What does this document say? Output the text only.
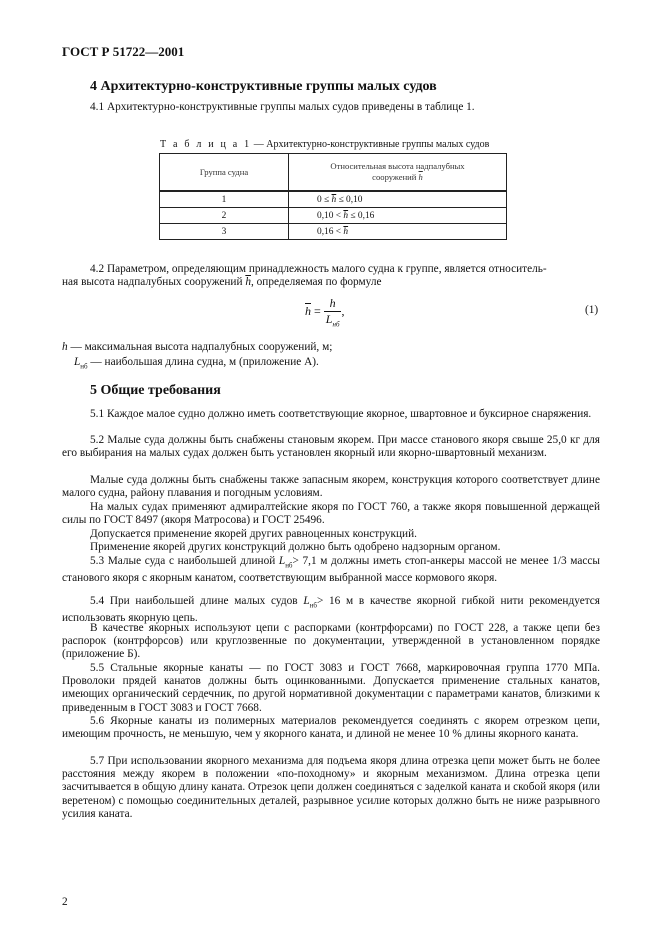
ГОСТ Р 51722—2001
4 Архитектурно-конструктивные группы малых судов

4.1 Архитектурно-конструктивные группы малых судов приведены в таблице 1.

Т а б л и ц а 1 — Архитектурно-конструктивные группы малых судов
Группа судна	Относительная высота надпалубных
сооружений $\overline{h}$
1	$0 \le \overline{h} \le 0,10$
2	$0,10 < \overline{h} \le 0,16$
3	$0,16 < \overline{h}$

4.2 Параметром, определяющим принадлежность малого судна к группе, является относитель-
ная высота надпалубных сооружений $\overline{h}$, определяемая по формуле

$\overline{h} = \frac{h}{L_{нб}}$ ,	(1)
h — максимальная высота надпалубных сооружений, м;
$L_{нб}$ — наибольшая длина судна, м (приложение А).
5 Общие требования

5.1 Каждое малое судно должно иметь соответствующие якорное, швартовное и буксирное снаряжения.

5.2 Малые суда должны быть снабжены становым якорем. При массе станового якоря свыше 25,0 кг для его выбирания на малых судах должен быть установлен якорный или якорно-швартовный механизм.

Малые суда должны быть снабжены также запасным якорем, конструкция которого соответствует длине малого судна, району плавания и погодным условиям.

На малых судах применяют адмиралтейские якоря по ГОСТ 760, а также якоря повышенной держащей силы по ГОСТ 8497 (якоря Матросова) и ГОСТ 25496.

Допускается применение якорей других равноценных конструкций.

Применение якорей других конструкций должно быть одобрено надзорным органом.

5.3 Малые суда с наибольшей длиной $L_{нб}> 7,1$ м должны иметь стоп-анкеры массой не менее 1/3 массы станового якоря с якорным канатом, соответствующим выбранной массе кормового якоря.

5.4 При наибольшей длине малых судов $L_{нб}> 16$ м в качестве якорной гибкой нити рекомендуется использовать якорную цепь.

В качестве якорных используют цепи с распорками (контрфорсами) по ГОСТ 228, а также цепи без распорок (контрфорсов) или круглозвенные по документации, утвержденной в установленном порядке (приложение Б).

5.5 Стальные якорные канаты — по ГОСТ 3083 и ГОСТ 7668, маркировочная группа 1770 МПа. Проволоки прядей канатов должны быть оцинкованными. Допускается применение стальных канатов, имеющих органический сердечник, по другой нормативной документации с параметрами канатов, близкими к приведенным в ГОСТ 3083 и ГОСТ 7668.

5.6 Якорные канаты из полимерных материалов рекомендуется соединять с якорем отрезком цепи, имеющим прочность, не меньшую, чем у якорного каната, и длиной не менее 10 % длины якорного каната.

5.7 При использовании якорного механизма для подъема якоря длина отрезка цепи может быть не более расстояния между якорем в положении «по-походному» и якорным механизмом. Длина отрезка цепи засчитывается в общую длину каната. Отрезок цепи должен соединяться с заделкой каната и скобой якоря (или веретеном) с помощью соединительных деталей, разрывное усилие которых должно быть не ниже разрывного усилия каната.

2
